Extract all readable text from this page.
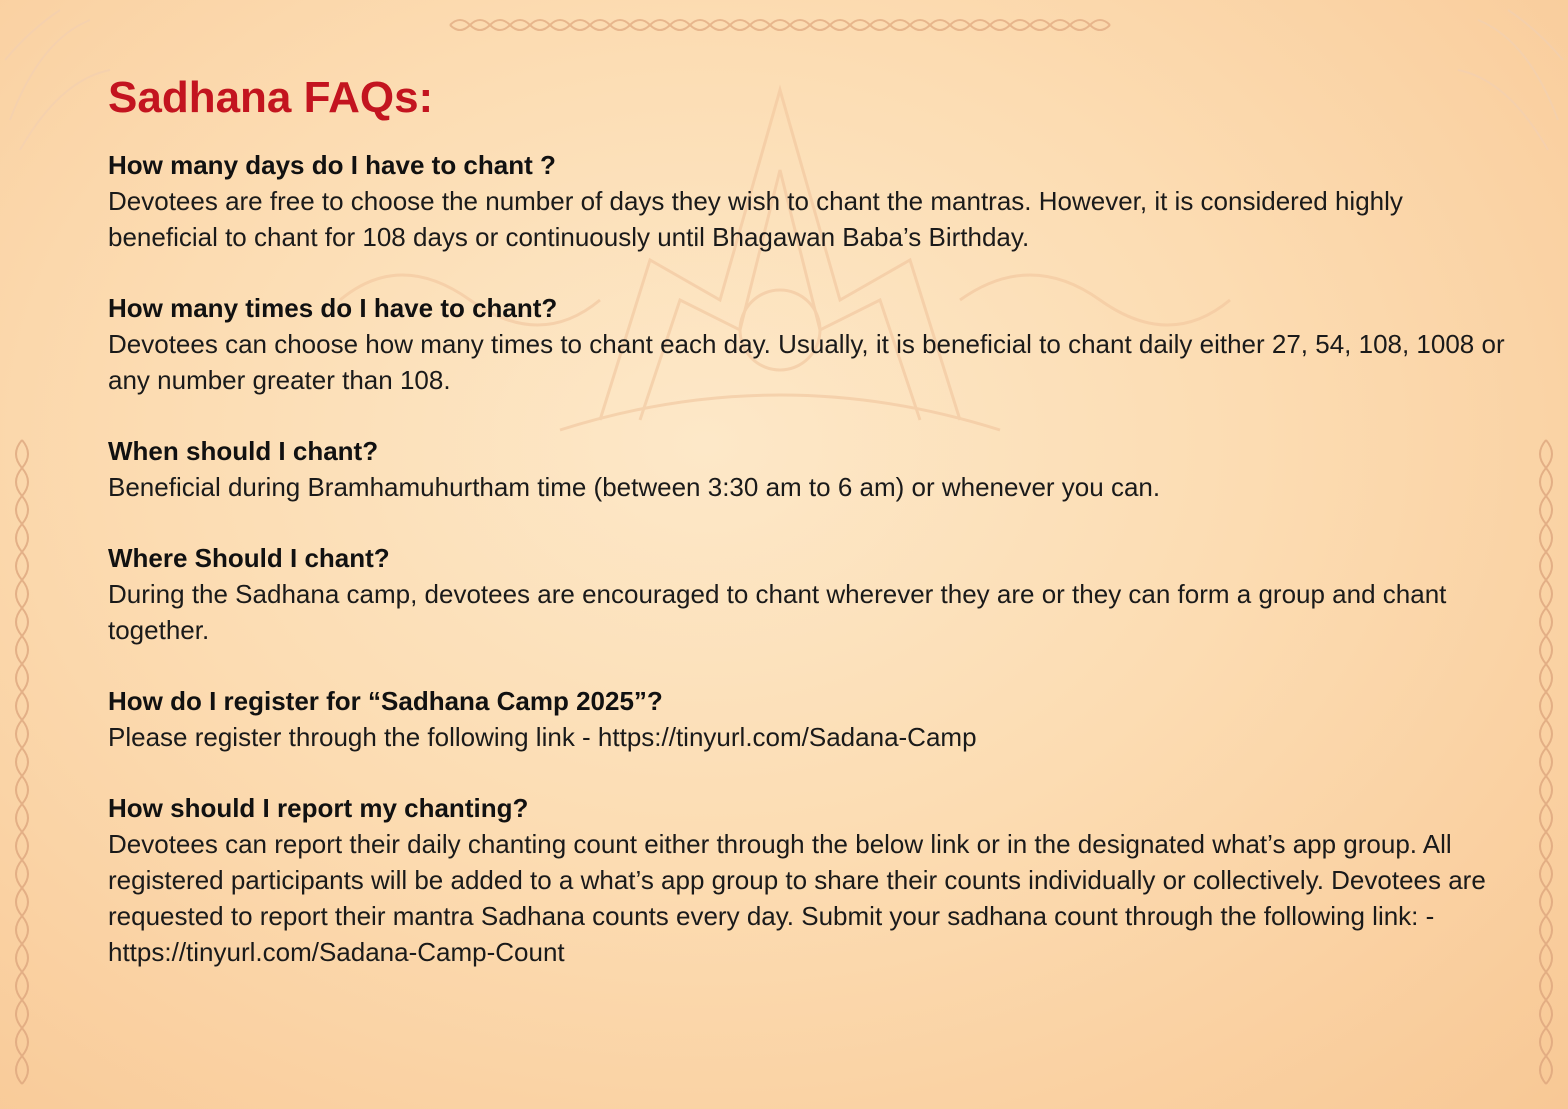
Sadhana FAQs:

How many days do I have to chant ?

Devotees are free to choose the number of days they wish to chant the mantras. However, it is considered highly beneficial to chant for 108 days or continuously until Bhagawan Baba’s Birthday.

How many times do I have to chant?

Devotees can choose how many times to chant each day. Usually, it is beneficial to chant daily either 27, 54, 108, 1008 or any number greater than 108.

When should I chant?

Beneficial during Bramhamuhurtham time (between 3:30 am to 6 am) or whenever you can.

Where Should I chant?

During the Sadhana camp, devotees are encouraged to chant wherever they are or they can form a group and chant together.

How do I register for “Sadhana Camp 2025”?

Please register through the following link - https://tinyurl.com/Sadana-Camp

How should I report my chanting?

Devotees can report their daily chanting count either through the below link or in the designated what’s app group. All registered participants will be added to a what’s app group to share their counts individually or collectively. Devotees are requested to report their mantra Sadhana counts every day. Submit your sadhana count through the following link: - https://tinyurl.com/Sadana-Camp-Count
